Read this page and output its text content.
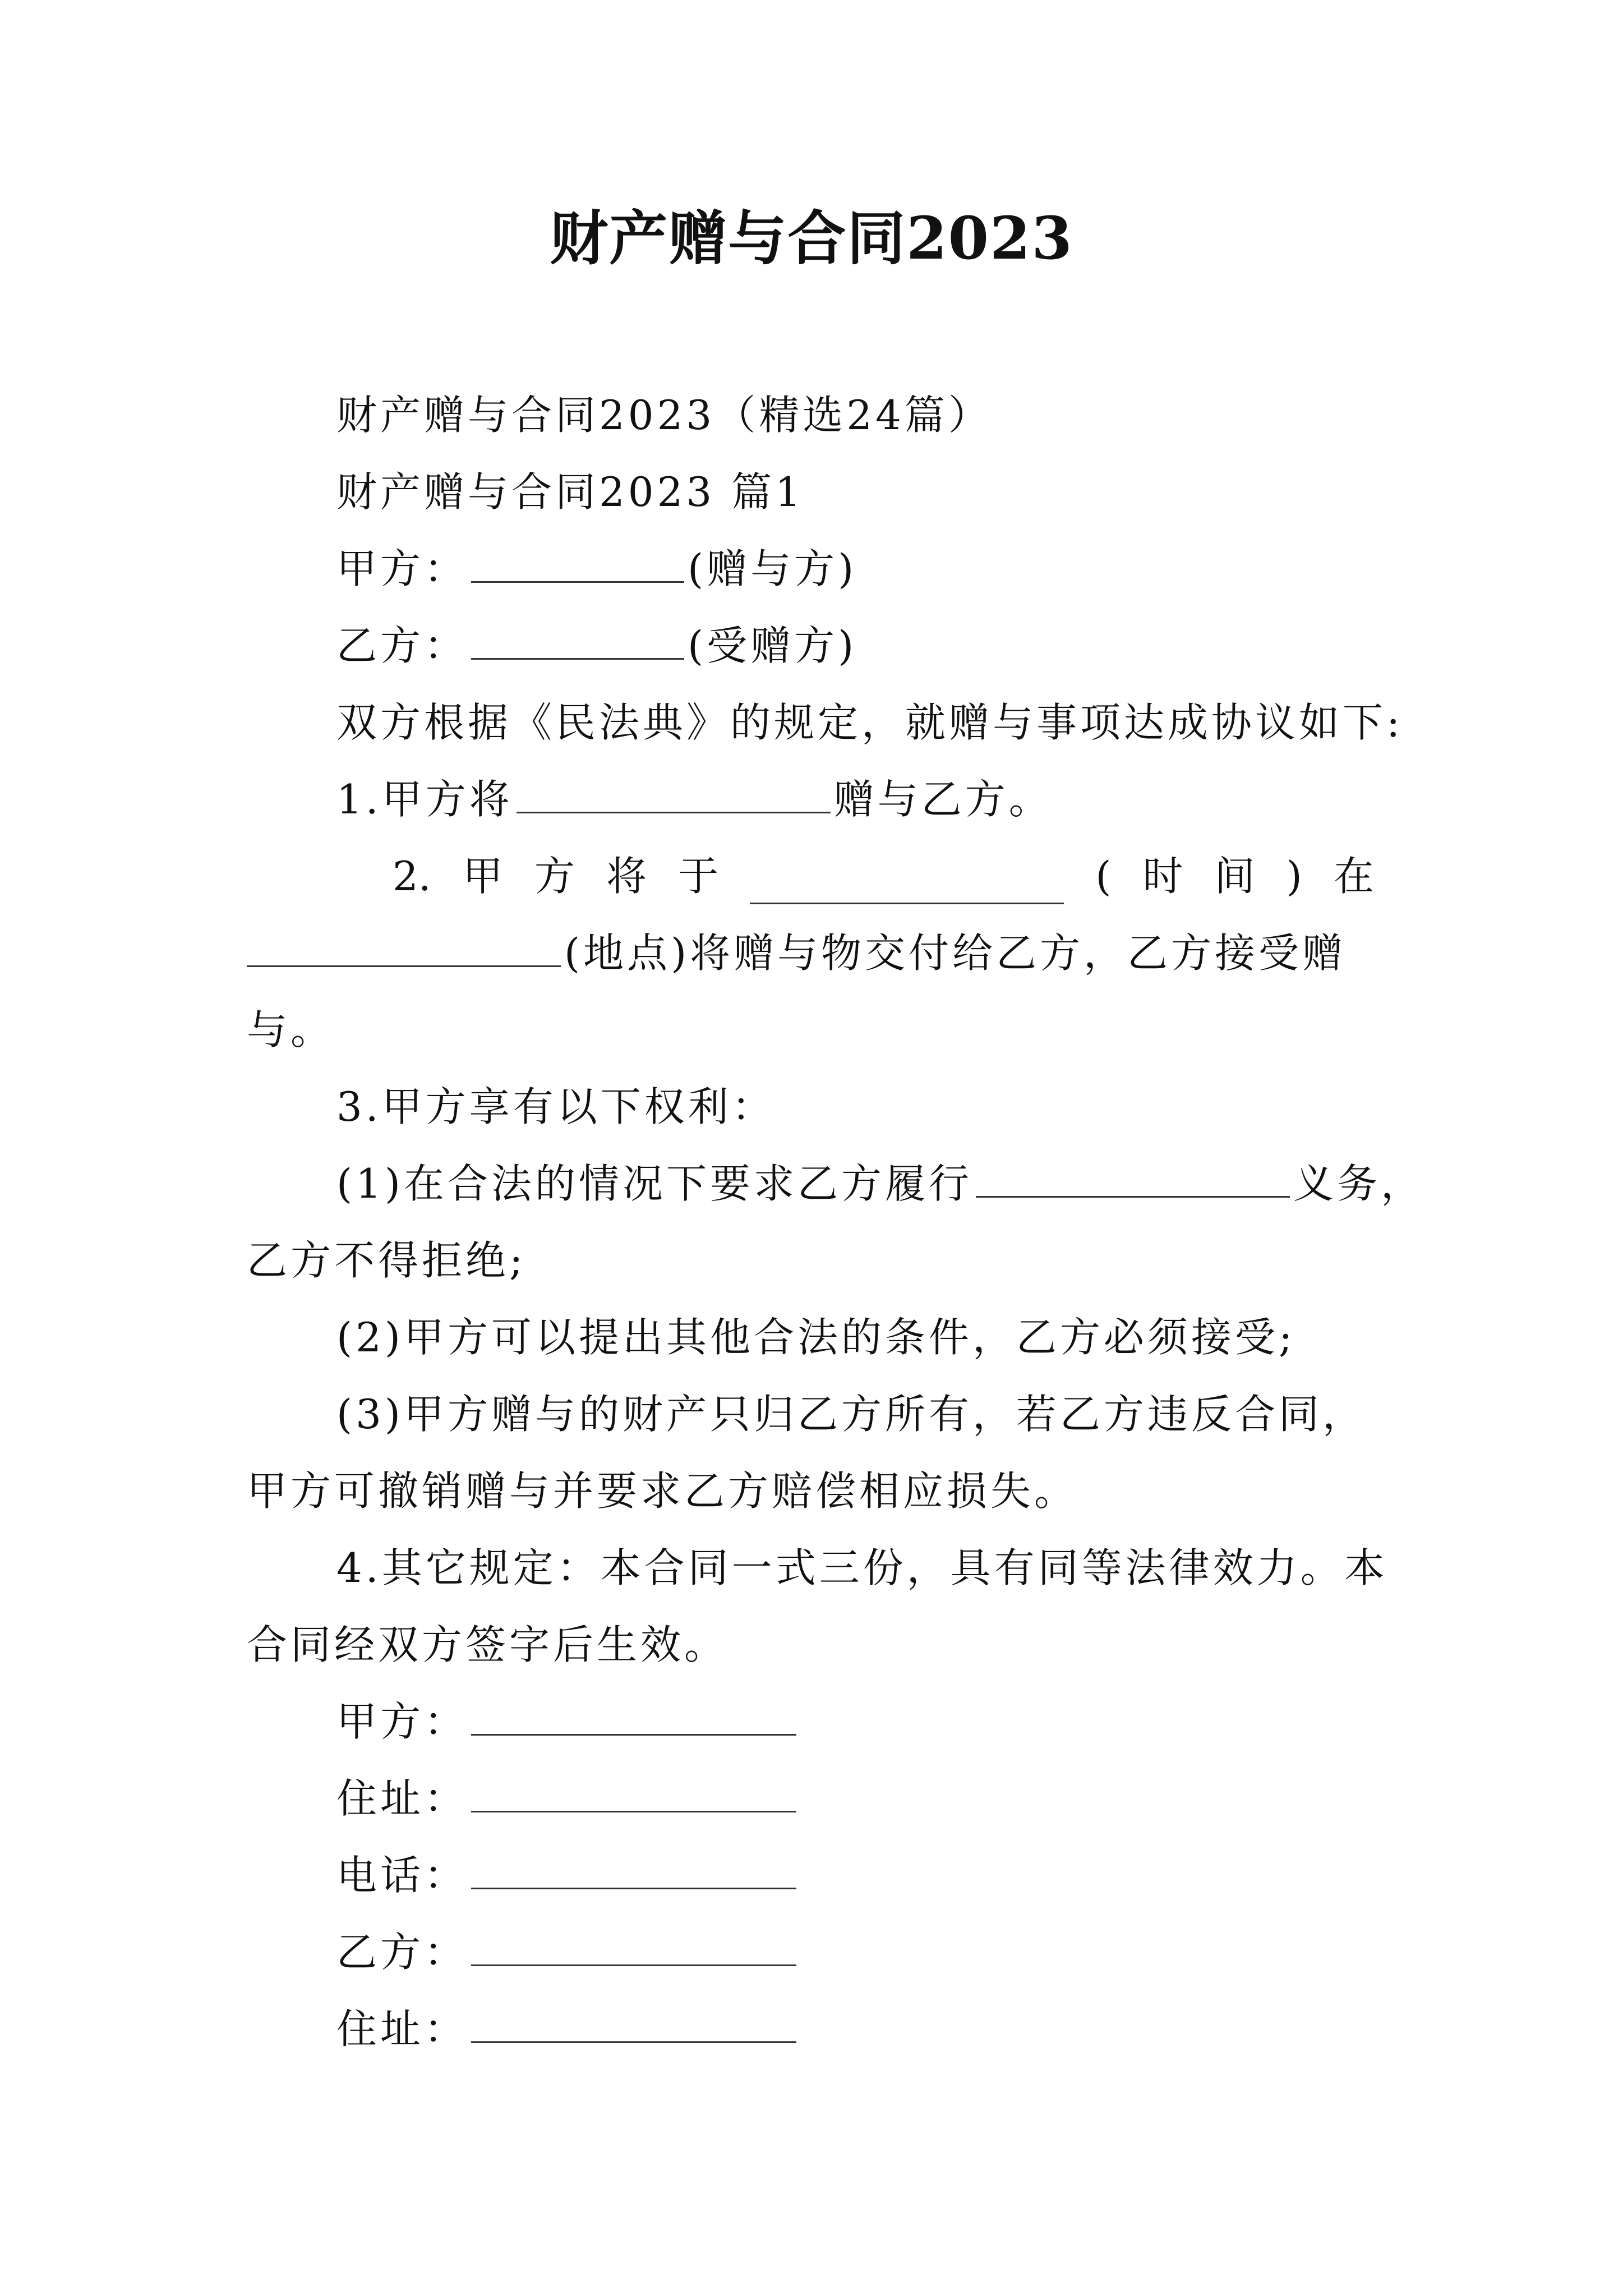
财产赠与合同2023
财产赠与合同2023（精选24篇）
财产赠与合同2023 篇1
甲方：	(赠与方)
乙方：	(受赠方)
双方根据《民法典》的规定，就赠与事项达成协议如下:
1.甲方将	赠与乙方。
2. 甲 方 将 于	( 时 间 ) 在
(地点)将赠与物交付给乙方，乙方接受赠
与。
3.甲方享有以下权利：
(1)在合法的情况下要求乙方履行	义务，
乙方不得拒绝;
(2)甲方可以提出其他合法的条件，乙方必须接受;
(3)甲方赠与的财产只归乙方所有，若乙方违反合同，
甲方可撤销赠与并要求乙方赔偿相应损失。
4.其它规定：本合同一式三份，具有同等法律效力。本
合同经双方签字后生效。
甲方：
住址：
电话：
乙方：
住址：
